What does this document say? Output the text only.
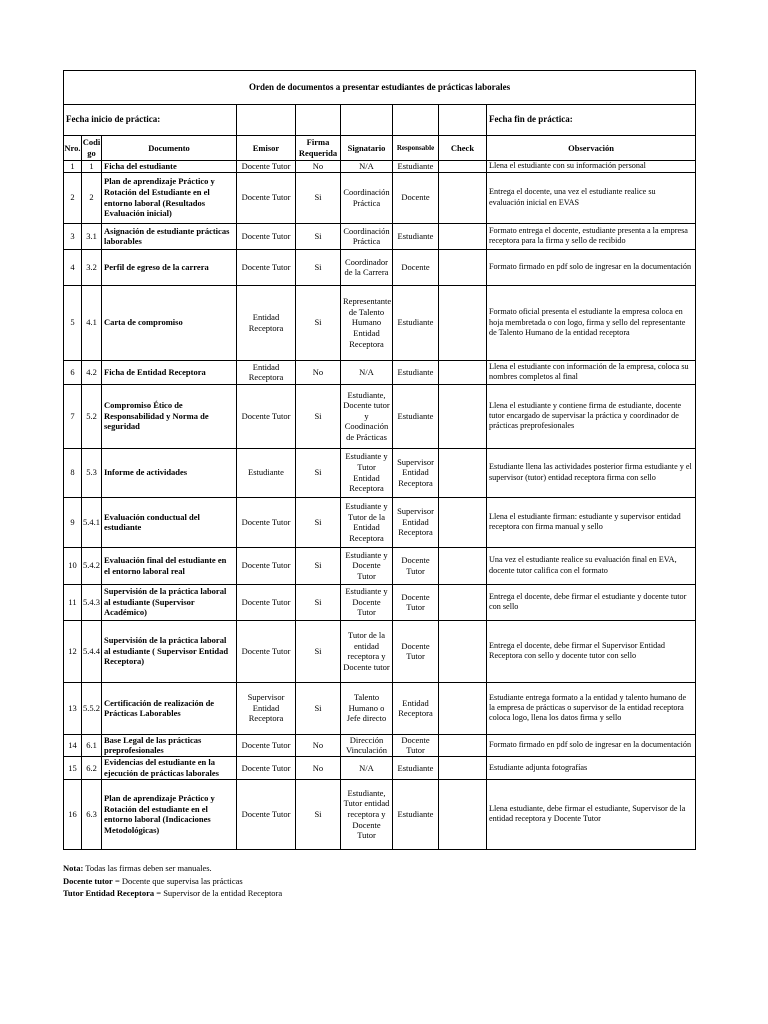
Orden de documentos a presentar estudiantes de prácticas laborales								
Fecha inicio de práctica:								Fecha fin de práctica:
Nro.	Codi go	Documento	Emisor	Firma Requerida	Signatario	Responsable	Check	Observación
1	1	Ficha del estudiante	Docente Tutor	No	N/A	Estudiante		Llena el estudiante con su información personal
2	2	Plan de aprendizaje Práctico y Rotación del Estudiante en el entorno laboral (Resultados Evaluación inicial)	Docente Tutor	Si	Coordinación Práctica	Docente		Entrega el docente, una vez el estudiante realice su evaluación inicial en EVAS
3	3.1	Asignación de estudiante prácticas laborables	Docente Tutor	Si	Coordinación Práctica	Estudiante		Formato entrega el docente, estudiante presenta a la empresa receptora para la firma y sello de recibido
4	3.2	Perfil de egreso de la carrera	Docente Tutor	Si	Coordinador de la Carrera	Docente		Formato firmado en pdf solo de ingresar en la documentación
5	4.1	Carta de compromiso	Entidad Receptora	Si	Representante de Talento Humano Entidad Receptora	Estudiante		Formato oficial presenta el estudiante la empresa coloca en hoja membretada o con logo, firma y sello del representante de Talento Humano de la entidad receptora
6	4.2	Ficha de Entidad Receptora	Entidad Receptora	No	N/A	Estudiante		Llena el estudiante con información de la empresa, coloca su nombres completos al final
7	5.2	Compromiso Ético de Responsabilidad y Norma de seguridad	Docente Tutor	Si	Estudiante, Docente tutor y Coodinación de Prácticas	Estudiante		Llena el estudiante y contiene firma de estudiante, docente tutor encargado de supervisar la práctica y coordinador de prácticas preprofesionales
8	5.3	Informe de actividades	Estudiante	Si	Estudiante y Tutor Entidad Receptora	Supervisor Entidad Receptora		Estudiante llena las actividades posterior firma estudiante y el supervisor (tutor) entidad receptora firma con sello
9	5.4.1	Evaluación conductual del estudiante	Docente Tutor	Si	Estudiante y Tutor de la Entidad Receptora	Supervisor Entidad Receptora		Llena el estudiante firman: estudiante y supervisor entidad receptora con firma manual y sello
10	5.4.2	Evaluación final del estudiante en el entorno laboral real	Docente Tutor	Si	Estudiante y Docente Tutor	Docente Tutor		Una vez el estudiante realice su evaluación final en EVA, docente tutor califica con el formato
11	5.4.3	Supervisión de la práctica laboral al estudiante (Supervisor Académico)	Docente Tutor	Si	Estudiante y Docente Tutor	Docente Tutor		Entrega el docente, debe firmar el estudiante y docente tutor con sello
12	5.4.4	Supervisión de la práctica laboral al estudiante ( Supervisor Entidad Receptora)	Docente Tutor	Si	Tutor de la entidad receptora y Docente tutor	Docente Tutor		Entrega el docente, debe firmar el Supervisor Entidad Receptora con sello y docente tutor con sello
13	5.5.2	Certificación de realización de Prácticas Laborables	Supervisor Entidad Receptora	Si	Talento Humano o Jefe directo	Entidad Receptora		Estudiante entrega formato a la entidad y talento humano de la empresa de prácticas o supervisor de la entidad receptora coloca logo, llena los datos firma y sello
14	6.1	Base Legal de las prácticas preprofesionales	Docente Tutor	No	Dirección Vinculación	Docente Tutor		Formato firmado en pdf solo de ingresar en la documentación
15	6.2	Evidencias del estudiante en la ejecución de prácticas laborales	Docente Tutor	No	N/A	Estudiante		Estudiante adjunta fotografías
16	6.3	Plan de aprendizaje Práctico y Rotación del estudiante en el entorno laboral (Indicaciones Metodológicas)	Docente Tutor	Si	Estudiante, Tutor entidad receptora y Docente Tutor	Estudiante		Llena estudiante, debe firmar el estudiante, Supervisor de la entidad receptora y Docente Tutor
Nota: Todas las firmas deben ser manuales.
Docente tutor = Docente que supervisa las prácticas
Tutor Entidad Receptora = Supervisor de la entidad Receptora
